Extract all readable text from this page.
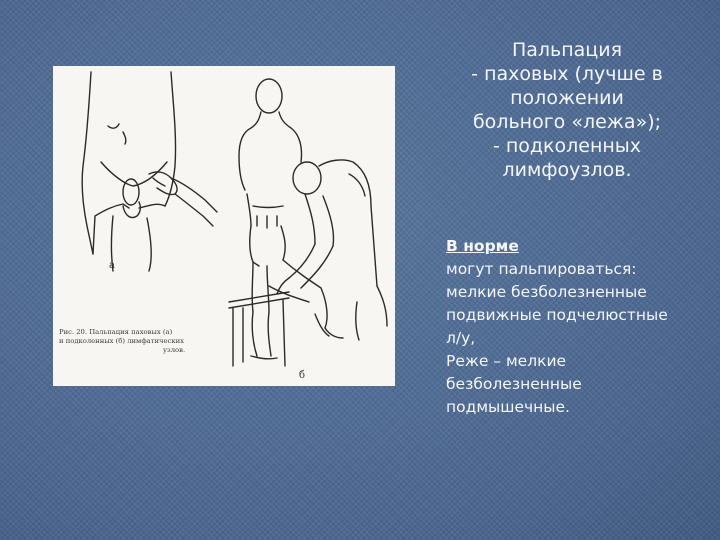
а
б
Рис. 20. Пальпация паховых (а)
и подколенных (б) лимфатических
узлов.
Пальпация
- паховых (лучше в
положении
больного «лежа»);
- подколенных
лимфоузлов.
В норме
могут пальпироваться:
мелкие безболезненные
подвижные подчелюстные
л/у,
Реже – мелкие
безболезненные
подмышечные.
